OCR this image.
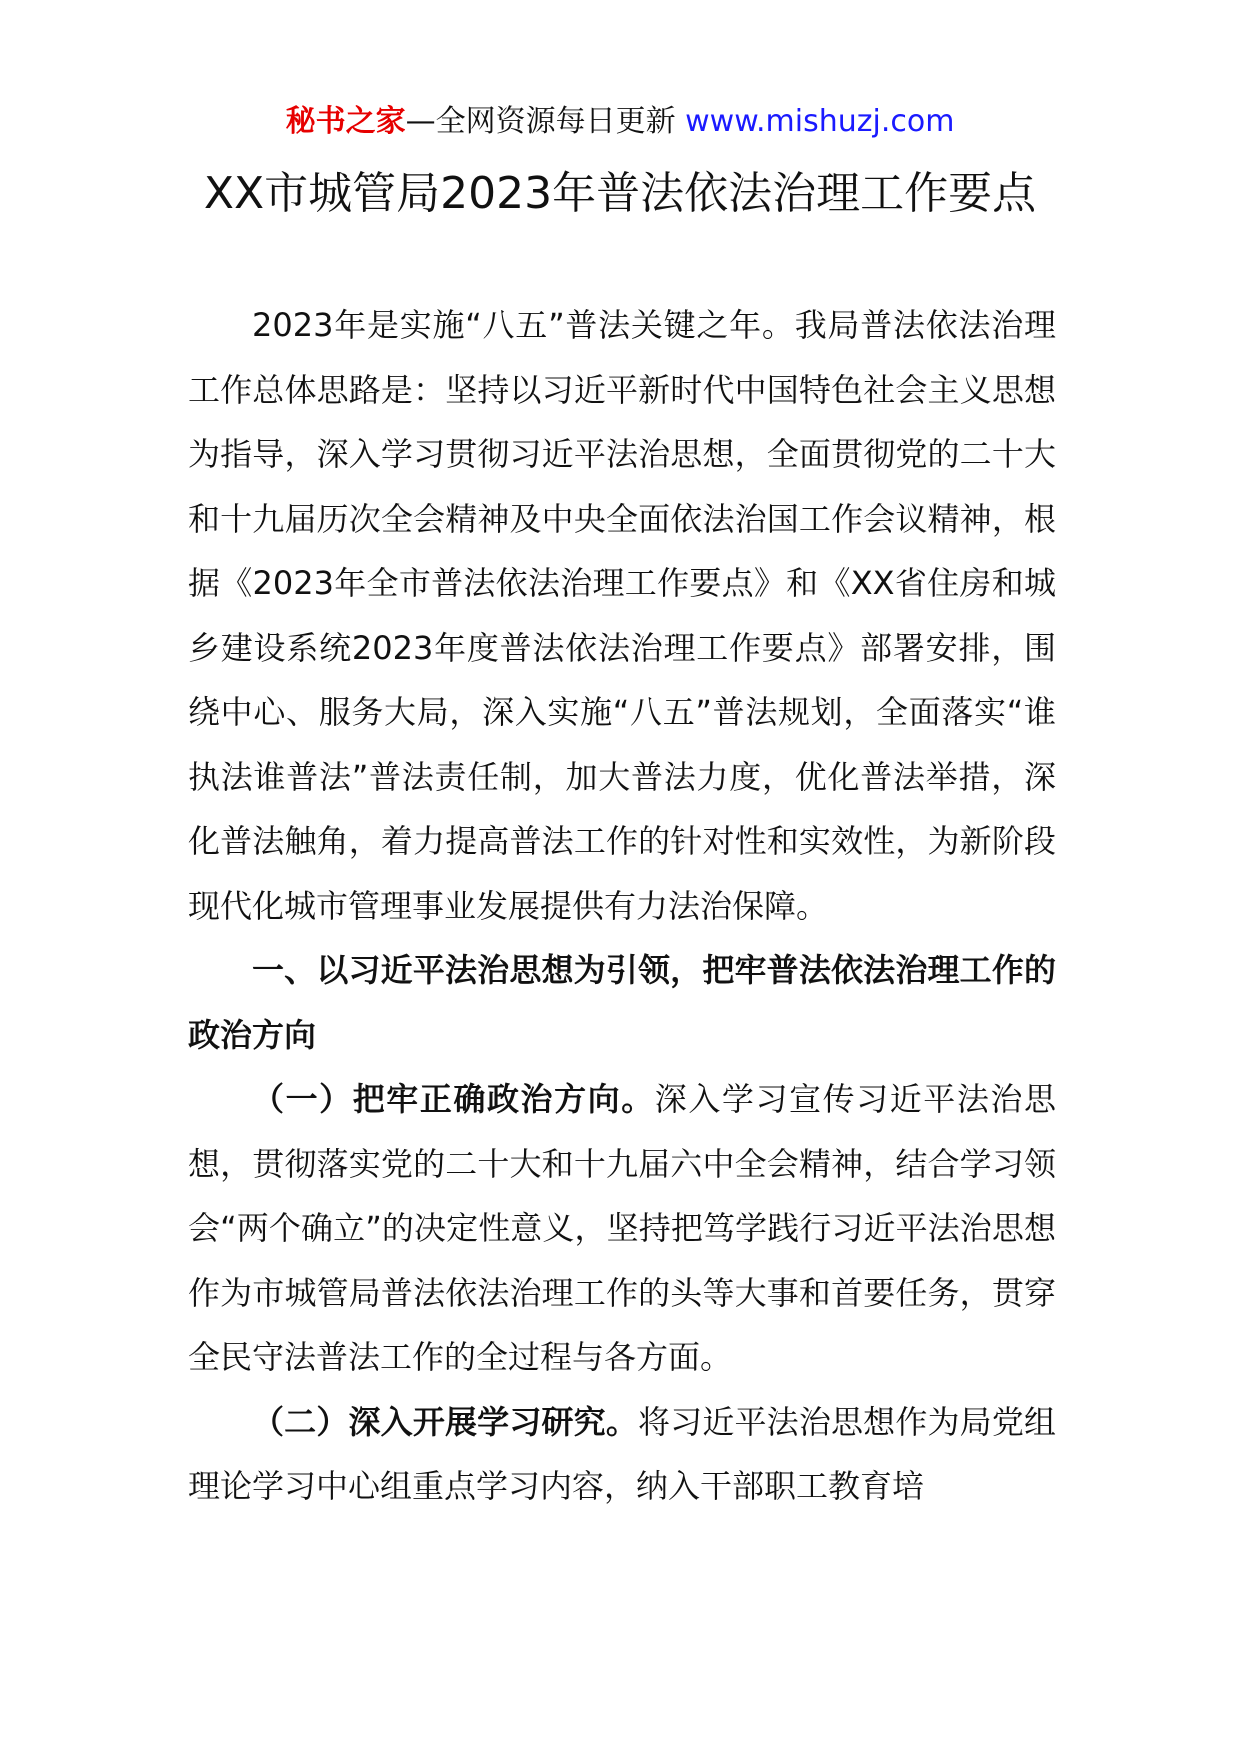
秘书之家—全网资源每日更新 www.mishuzj.com
XX市城管局2023年普法依法治理工作要点

2023年是实施“八五”普法关键之年。我局普法依法治理工作总体思路是：坚持以习近平新时代中国特色社会主义思想为指导，深入学习贯彻习近平法治思想，全面贯彻党的二十大和十九届历次全会精神及中央全面依法治国工作会议精神，根据《2023年全市普法依法治理工作要点》和《XX省住房和城乡建设系统2023年度普法依法治理工作要点》部署安排，围绕中心、服务大局，深入实施“八五”普法规划，全面落实“谁执法谁普法”普法责任制，加大普法力度，优化普法举措，深化普法触角，着力提高普法工作的针对性和实效性，为新阶段现代化城市管理事业发展提供有力法治保障。

一、以习近平法治思想为引领，把牢普法依法治理工作的政治方向

（一）把牢正确政治方向。深入学习宣传习近平法治思想，贯彻落实党的二十大和十九届六中全会精神，结合学习领会“两个确立”的决定性意义，坚持把笃学践行习近平法治思想作为市城管局普法依法治理工作的头等大事和首要任务，贯穿全民守法普法工作的全过程与各方面。

（二）深入开展学习研究。将习近平法治思想作为局党组理论学习中心组重点学习内容，纳入干部职工教育培
